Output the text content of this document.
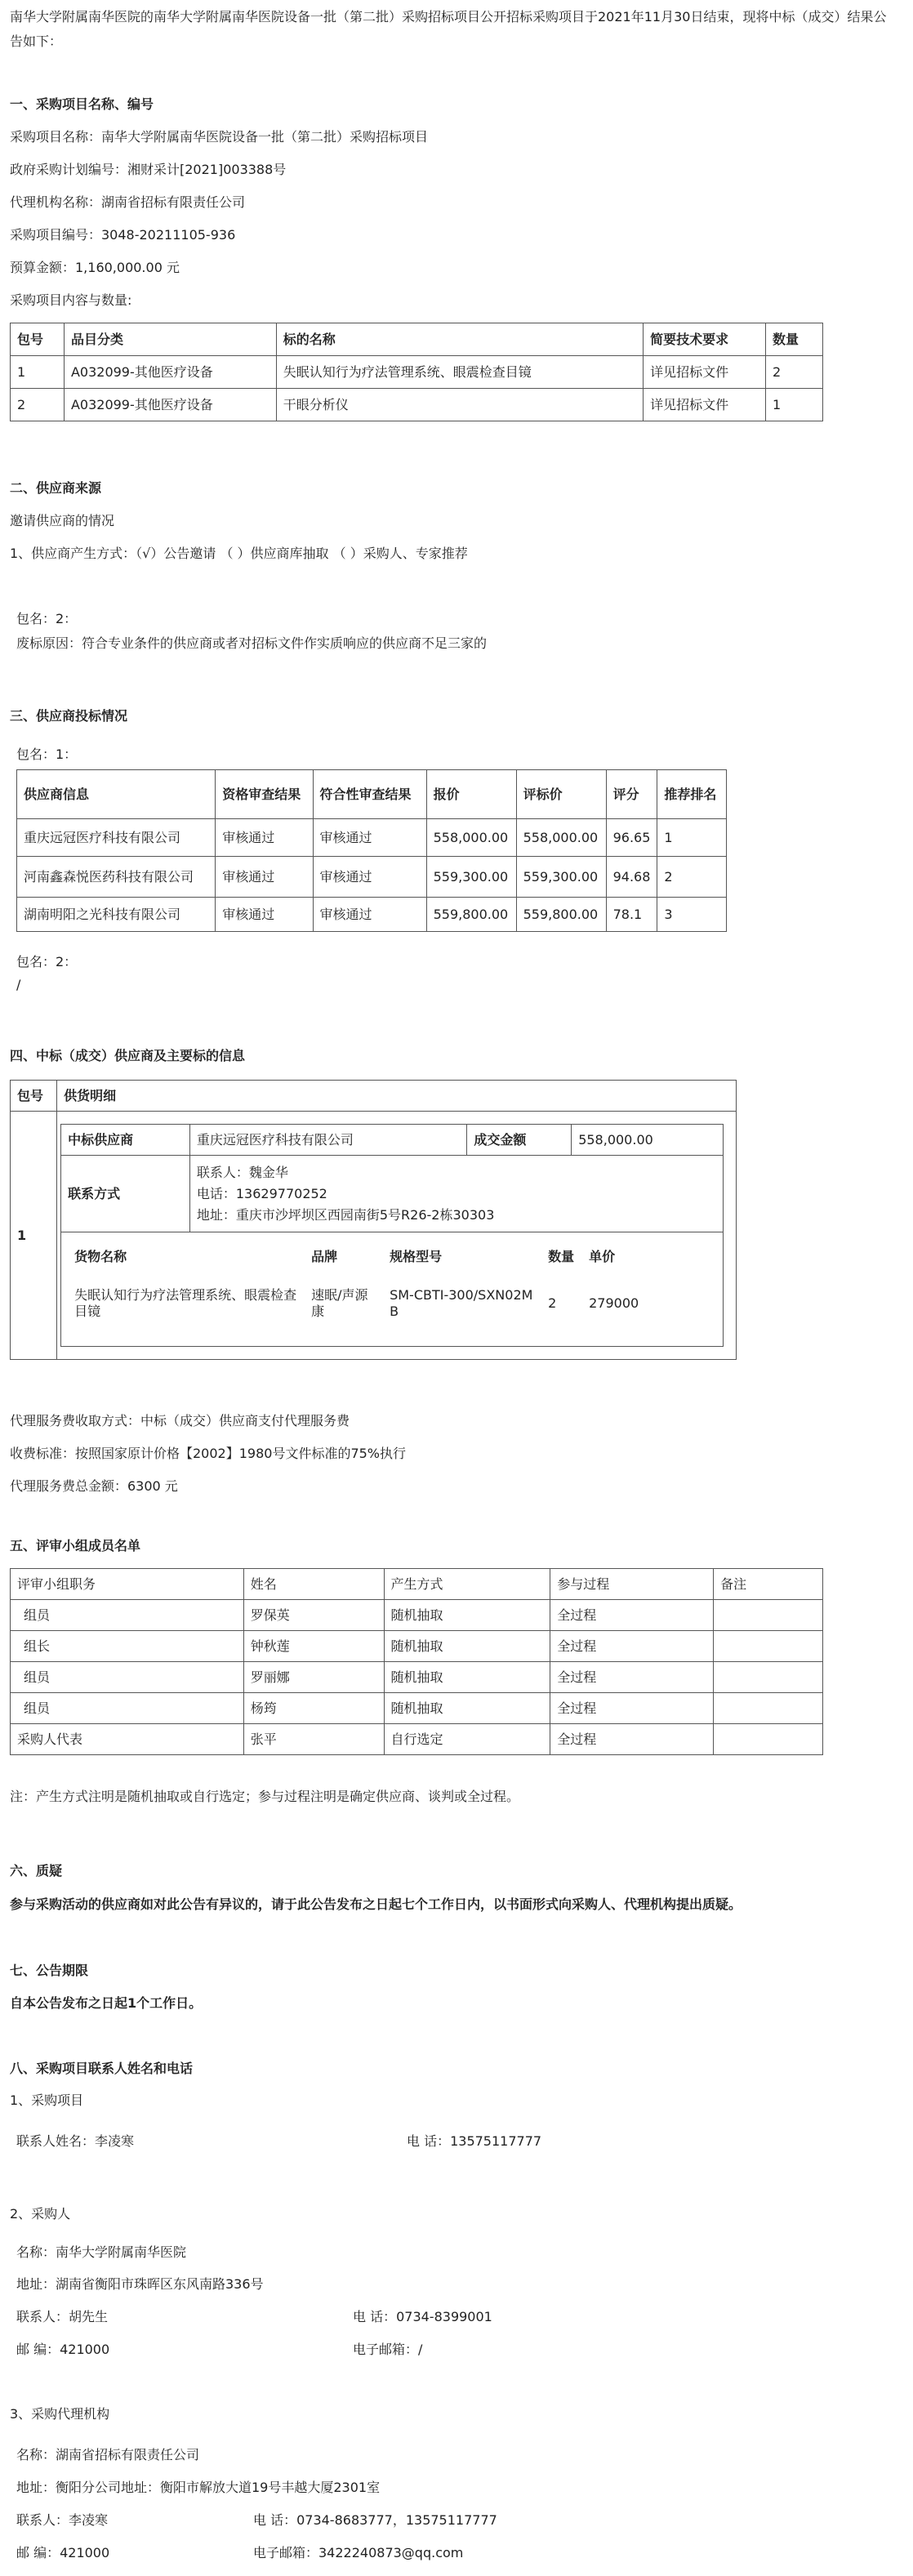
南华大学附属南华医院的南华大学附属南华医院设备一批（第二批）采购招标项目公开招标采购项目于2021年11月30日结束，现将中标（成交）结果公告如下：
一、采购项目名称、编号
采购项目名称：南华大学附属南华医院设备一批（第二批）采购招标项目
政府采购计划编号：湘财采计[2021]003388号
代理机构名称：湖南省招标有限责任公司
采购项目编号：3048-20211105-936
预算金额：1,160,000.00 元
采购项目内容与数量:
包号	品目分类	标的名称	简要技术要求	数量
1	A032099-其他医疗设备	失眠认知行为疗法管理系统、眼震检查目镜	详见招标文件	2
2	A032099-其他医疗设备	干眼分析仪	详见招标文件	1
二、供应商来源
邀请供应商的情况
1、供应商产生方式：（√）公告邀请 （ ）供应商库抽取 （ ）采购人、专家推荐
包名：2：
废标原因：符合专业条件的供应商或者对招标文件作实质响应的供应商不足三家的
三、供应商投标情况
包名：1：
供应商信息	资格审查结果	符合性审查结果	报价	评标价	评分	推荐排名
重庆远冠医疗科技有限公司	审核通过	审核通过	558,000.00	558,000.00	96.65	1
河南鑫森悦医药科技有限公司	审核通过	审核通过	559,300.00	559,300.00	94.68	2
湖南明阳之光科技有限公司	审核通过	审核通过	559,800.00	559,800.00	78.1	3
包名：2：
/
四、中标（成交）供应商及主要标的信息
包号	供货明细
1	
中标供应商	重庆远冠医疗科技有限公司	成交金额	558,000.00
联系方式	
联系人：魏金华
电话：13629770252
地址：重庆市沙坪坝区西园南街5号R26-2栋30303

货物名称	品牌	规格型号	数量	单价
失眠认知行为疗法管理系统、眼震检查目镜	速眠/声源康	SM-CBTI-300/SXN02MB	2	279000
代理服务费收取方式：中标（成交）供应商支付代理服务费
收费标准：按照国家原计价格【2002】1980号文件标准的75%执行
代理服务费总金额：6300 元
五、评审小组成员名单
评审小组职务	姓名	产生方式	参与过程	备注
组员	罗保英	随机抽取	全过程	
组长	钟秋莲	随机抽取	全过程	
组员	罗丽娜	随机抽取	全过程	
组员	杨筠	随机抽取	全过程	
采购人代表	张平	自行选定	全过程	
注：产生方式注明是随机抽取或自行选定；参与过程注明是确定供应商、谈判或全过程。
六、质疑
参与采购活动的供应商如对此公告有异议的，请于此公告发布之日起七个工作日内，以书面形式向采购人、代理机构提出质疑。
七、公告期限
自本公告发布之日起1个工作日。
八、采购项目联系人姓名和电话
1、采购项目
联系人姓名：李凌寒	电 话：13575117777
2、采购人
名称：南华大学附属南华医院
地址：湖南省衡阳市珠晖区东风南路336号
联系人：胡先生	电 话：0734-8399001
邮 编：421000	电子邮箱：/
3、采购代理机构
名称：湖南省招标有限责任公司
地址：衡阳分公司地址：衡阳市解放大道19号丰越大厦2301室
联系人：李凌寒	电 话：0734-8683777，13575117777
邮 编：421000	电子邮箱：3422240873@qq.com
